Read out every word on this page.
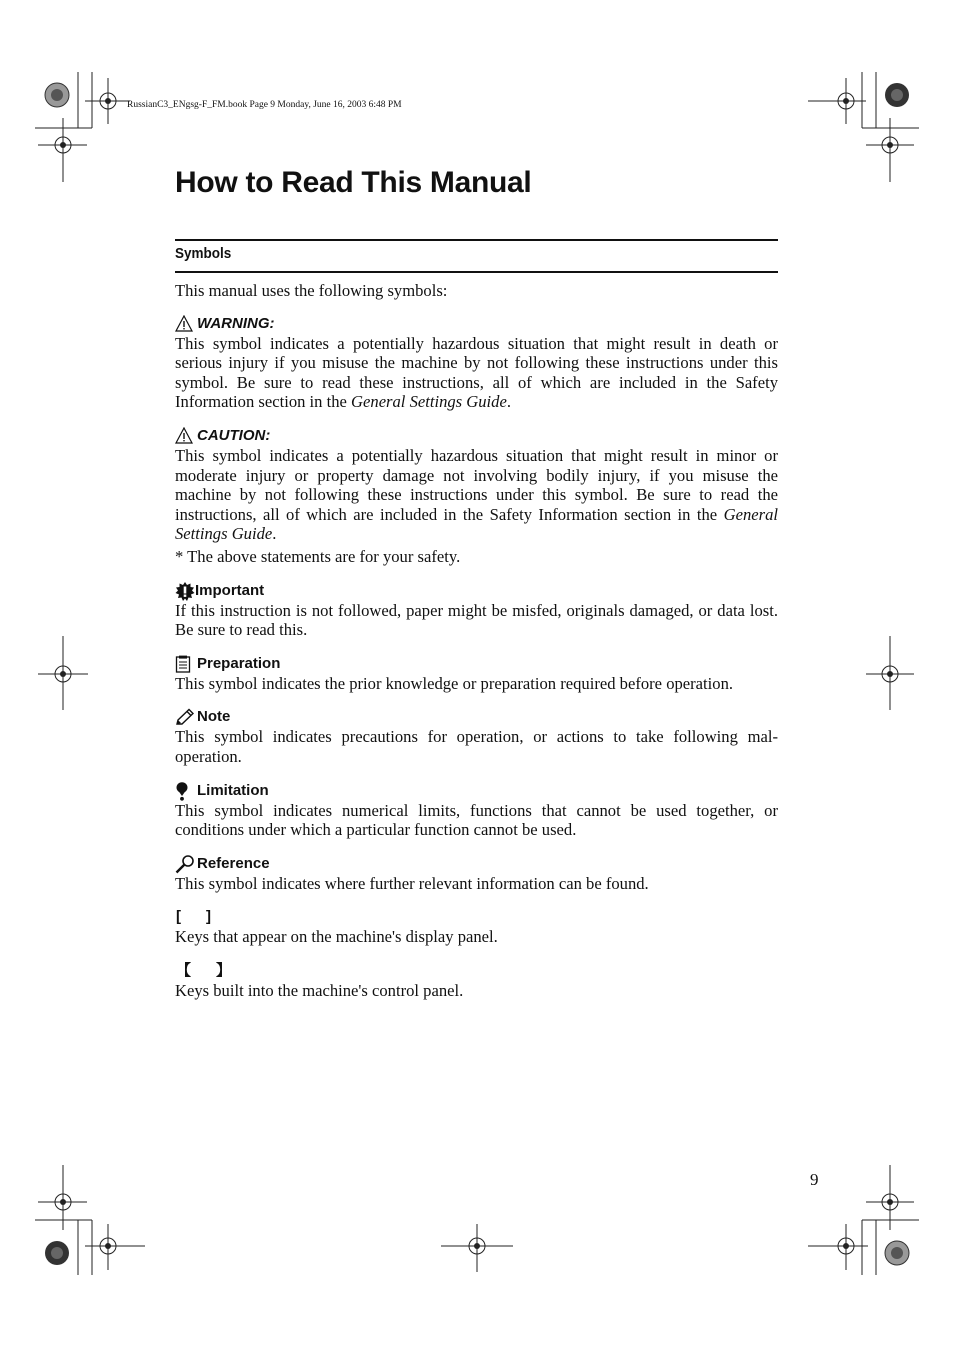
RussianC3_ENgsg-F_FM.book Page 9 Monday, June 16, 2003 6:48 PM
How to Read This Manual
Symbols

This manual uses the following symbols:

WARNING:

This symbol indicates a potentially hazardous situation that might result in death or serious injury if you misuse the machine by not following these instructions under this symbol. Be sure to read these instructions, all of which are included in the Safety Information section in the General Settings Guide.

CAUTION:

This symbol indicates a potentially hazardous situation that might result in minor or moderate injury or property damage not involving bodily injury, if you misuse the machine by not following these instructions under this symbol. Be sure to read the instructions, all of which are included in the Safety Information section in the General Settings Guide.

* The above statements are for your safety.

Important

If this instruction is not followed, paper might be misfed, originals damaged, or data lost. Be sure to read this.

Preparation

This symbol indicates the prior knowledge or preparation required before operation.

Note

This symbol indicates precautions for operation, or actions to take following mal-operation.

Limitation

This symbol indicates numerical limits, functions that cannot be used together, or conditions under which a particular function cannot be used.

Reference

This symbol indicates where further relevant information can be found.

[      ]

Keys that appear on the machine's display panel.

【      】

Keys built into the machine's control panel.

9
